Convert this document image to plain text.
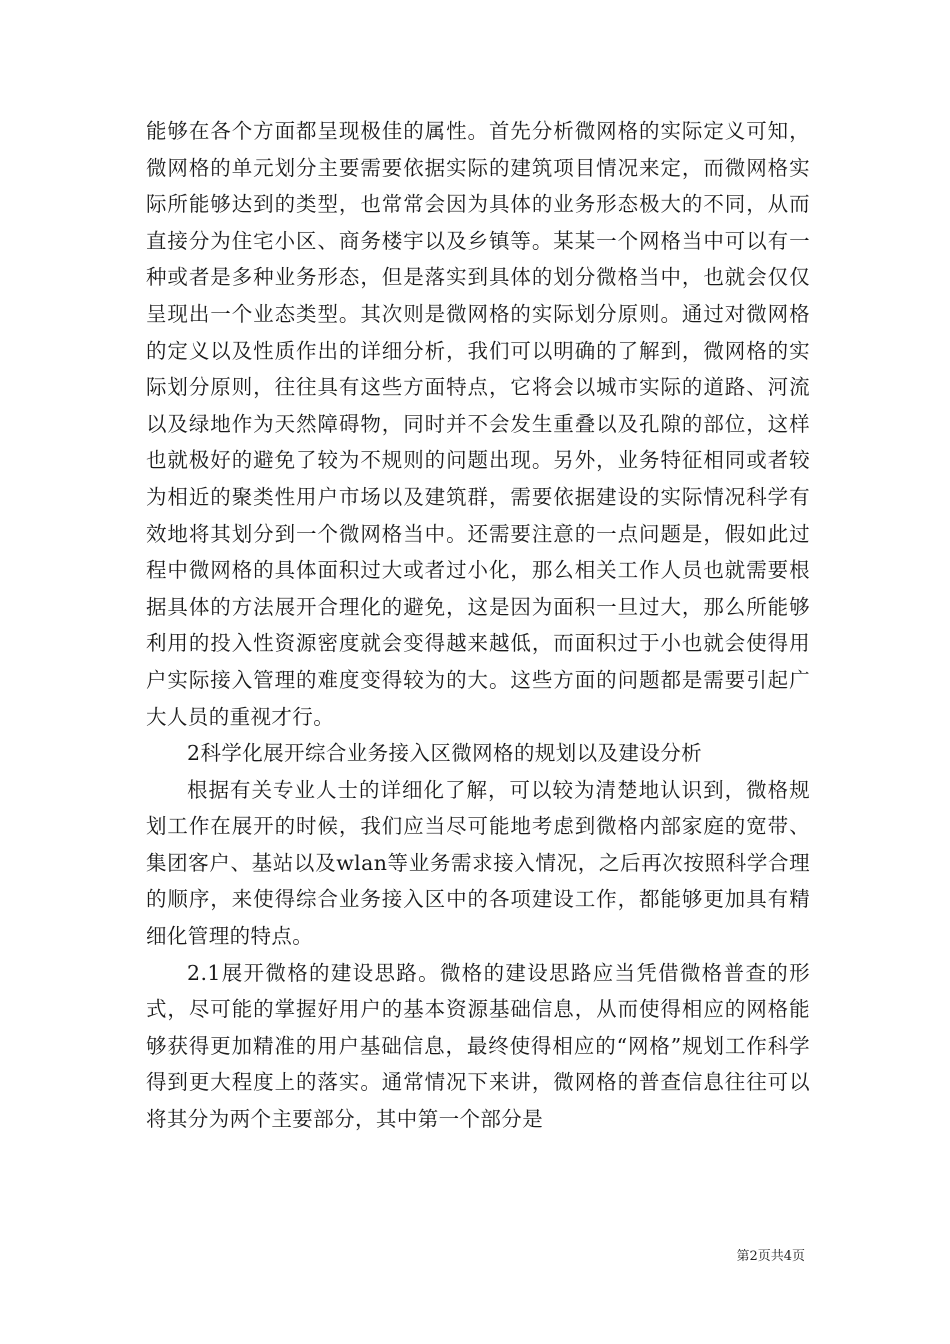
能够在各个方面都呈现极佳的属性。首先分析微网格的实际定义可知，微网格的单元划分主要需要依据实际的建筑项目情况来定，而微网格实际所能够达到的类型，也常常会因为具体的业务形态极大的不同，从而直接分为住宅小区、商务楼宇以及乡镇等。某某一个网格当中可以有一种或者是多种业务形态，但是落实到具体的划分微格当中，也就会仅仅呈现出一个业态类型。其次则是微网格的实际划分原则。通过对微网格的定义以及性质作出的详细分析，我们可以明确的了解到，微网格的实际划分原则，往往具有这些方面特点，它将会以城市实际的道路、河流以及绿地作为天然障碍物，同时并不会发生重叠以及孔隙的部位，这样也就极好的避免了较为不规则的问题出现。另外，业务特征相同或者较为相近的聚类性用户市场以及建筑群，需要依据建设的实际情况科学有效地将其划分到一个微网格当中。还需要注意的一点问题是，假如此过程中微网格的具体面积过大或者过小化，那么相关工作人员也就需要根据具体的方法展开合理化的避免，这是因为面积一旦过大，那么所能够利用的投入性资源密度就会变得越来越低，而面积过于小也就会使得用户实际接入管理的难度变得较为的大。这些方面的问题都是需要引起广大人员的重视才行。

2科学化展开综合业务接入区微网格的规划以及建设分析

根据有关专业人士的详细化了解，可以较为清楚地认识到，微格规划工作在展开的时候，我们应当尽可能地考虑到微格内部家庭的宽带、集团客户、基站以及wlan等业务需求接入情况，之后再次按照科学合理的顺序，来使得综合业务接入区中的各项建设工作，都能够更加具有精细化管理的特点。

2.1展开微格的建设思路。微格的建设思路应当凭借微格普查的形式，尽可能的掌握好用户的基本资源基础信息，从而使得相应的网格能够获得更加精准的用户基础信息，最终使得相应的“网格”规划工作科学得到更大程度上的落实。通常情况下来讲，微网格的普查信息往往可以将其分为两个主要部分，其中第一个部分是

第2页共4页
